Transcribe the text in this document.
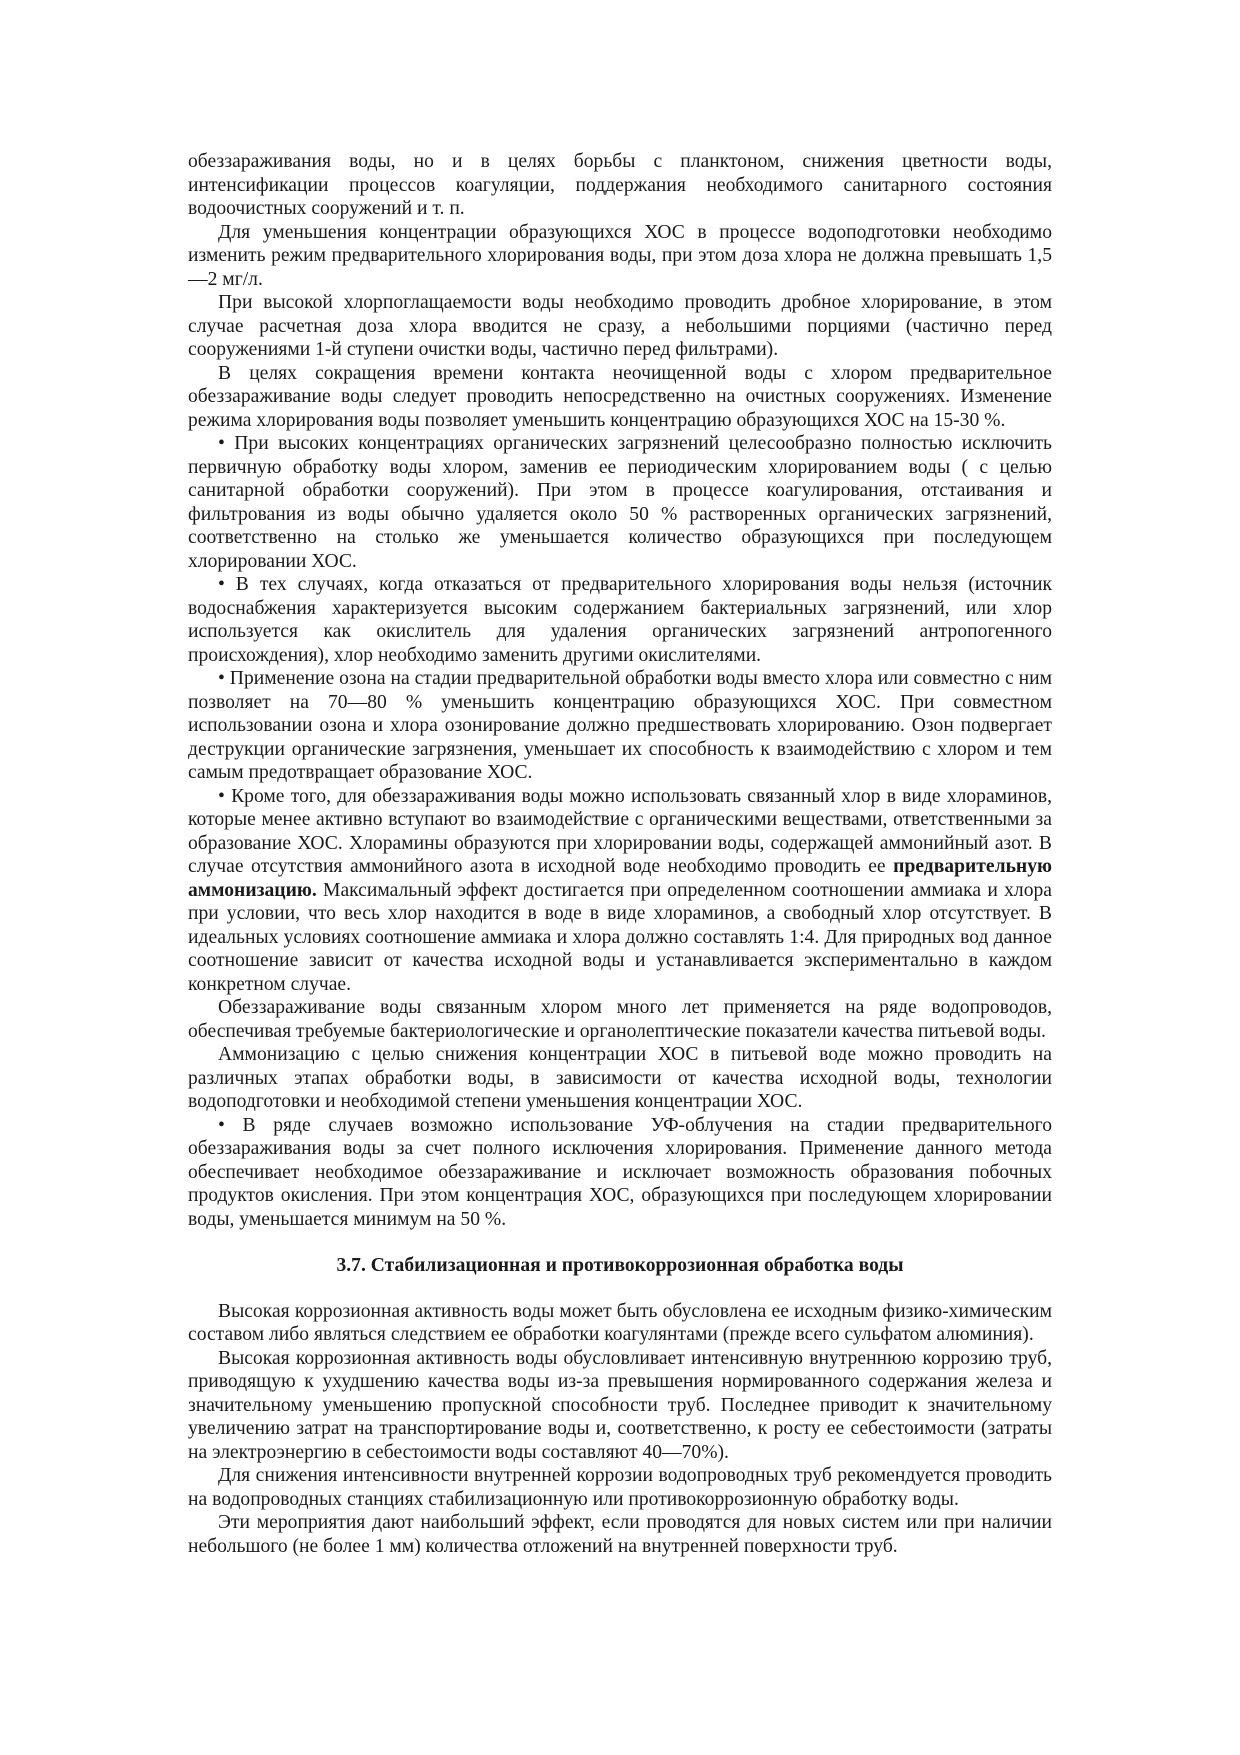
обеззараживания воды, но и в целях борьбы с планктоном, снижения цветности воды, интенсификации процессов коагуляции, поддержания необходимого санитарного состояния водоочистных сооружений и т. п.

Для уменьшения концентрации образующихся ХОС в процессе водоподготовки необходимо изменить режим предварительного хлорирования воды, при этом доза хлора не должна превышать 1,5—2 мг/л.

При высокой хлорпоглащаемости воды необходимо проводить дробное хлорирование, в этом случае расчетная доза хлора вводится не сразу, а небольшими порциями (частично перед сооружениями 1-й ступени очистки воды, частично перед фильтрами).

В целях сокращения времени контакта неочищенной воды с хлором предварительное обеззараживание воды следует проводить непосредственно на очистных сооружениях. Изменение режима хлорирования воды позволяет уменьшить концентрацию образующихся ХОС на 15-30 %.

• При высоких концентрациях органических загрязнений целесообразно полностью исключить первичную обработку воды хлором, заменив ее периодическим хлорированием воды ( с целью санитарной обработки сооружений). При этом в процессе коагулирования, отстаивания и фильтрования из воды обычно удаляется около 50 % растворенных органических загрязнений, соответственно на столько же уменьшается количество образующихся при последующем хлорировании ХОС.

• В тех случаях, когда отказаться от предварительного хлорирования воды нельзя (источник водоснабжения характеризуется высоким содержанием бактериальных загрязнений, или хлор используется как окислитель для удаления органических загрязнений антропогенного происхождения), хлор необходимо заменить другими окислителями.

• Применение озона на стадии предварительной обработки воды вместо хлора или совместно с ним позволяет на 70—80 % уменьшить концентрацию образующихся ХОС. При совместном использовании озона и хлора озонирование должно предшествовать хлорированию. Озон подвергает деструкции органические загрязнения, уменьшает их способность к взаимодействию с хлором и тем самым предотвращает образование ХОС.

• Кроме того, для обеззараживания воды можно использовать связанный хлор в виде хлораминов, которые менее активно вступают во взаимодействие с органическими веществами, ответственными за образование ХОС. Хлорамины образуются при хлорировании воды, содержащей аммонийный азот. В случае отсутствия аммонийного азота в исходной воде необходимо проводить ее предварительную аммонизацию. Максимальный эффект достигается при определенном соотношении аммиака и хлора при условии, что весь хлор находится в воде в виде хлораминов, а свободный хлор отсутствует. В идеальных условиях соотношение аммиака и хлора должно составлять 1:4. Для природных вод данное соотношение зависит от качества исходной воды и устанавливается экспериментально в каждом конкретном случае.

Обеззараживание воды связанным хлором много лет применяется на ряде водопроводов, обеспечивая требуемые бактериологические и органолептические показатели качества питьевой воды.

Аммонизацию с целью снижения концентрации ХОС в питьевой воде можно проводить на различных этапах обработки воды, в зависимости от качества исходной воды, технологии водоподготовки и необходимой степени уменьшения концентрации ХОС.

• В ряде случаев возможно использование УФ-облучения на стадии предварительного обеззараживания воды за счет полного исключения хлорирования. Применение данного метода обеспечивает необходимое обеззараживание и исключает возможность образования побочных продуктов окисления. При этом концентрация ХОС, образующихся при последующем хлорировании воды, уменьшается минимум на 50 %.

3.7. Стабилизационная и противокоррозионная обработка воды

Высокая коррозионная активность воды может быть обусловлена ее исходным физико-химическим составом либо являться следствием ее обработки коагулянтами (прежде всего сульфатом алюминия).

Высокая коррозионная активность воды обусловливает интенсивную внутреннюю коррозию труб, приводящую к ухудшению качества воды из-за превышения нормированного содержания железа и значительному уменьшению пропускной способности труб. Последнее приводит к значительному увеличению затрат на транспортирование воды и, соответственно, к росту ее себестоимости (затраты на электроэнергию в себестоимости воды составляют 40—70%).

Для снижения интенсивности внутренней коррозии водопроводных труб рекомендуется проводить на водопроводных станциях стабилизационную или противокоррозионную обработку воды.

Эти мероприятия дают наибольший эффект, если проводятся для новых систем или при наличии небольшого (не более 1 мм) количества отложений на внутренней поверхности труб.
